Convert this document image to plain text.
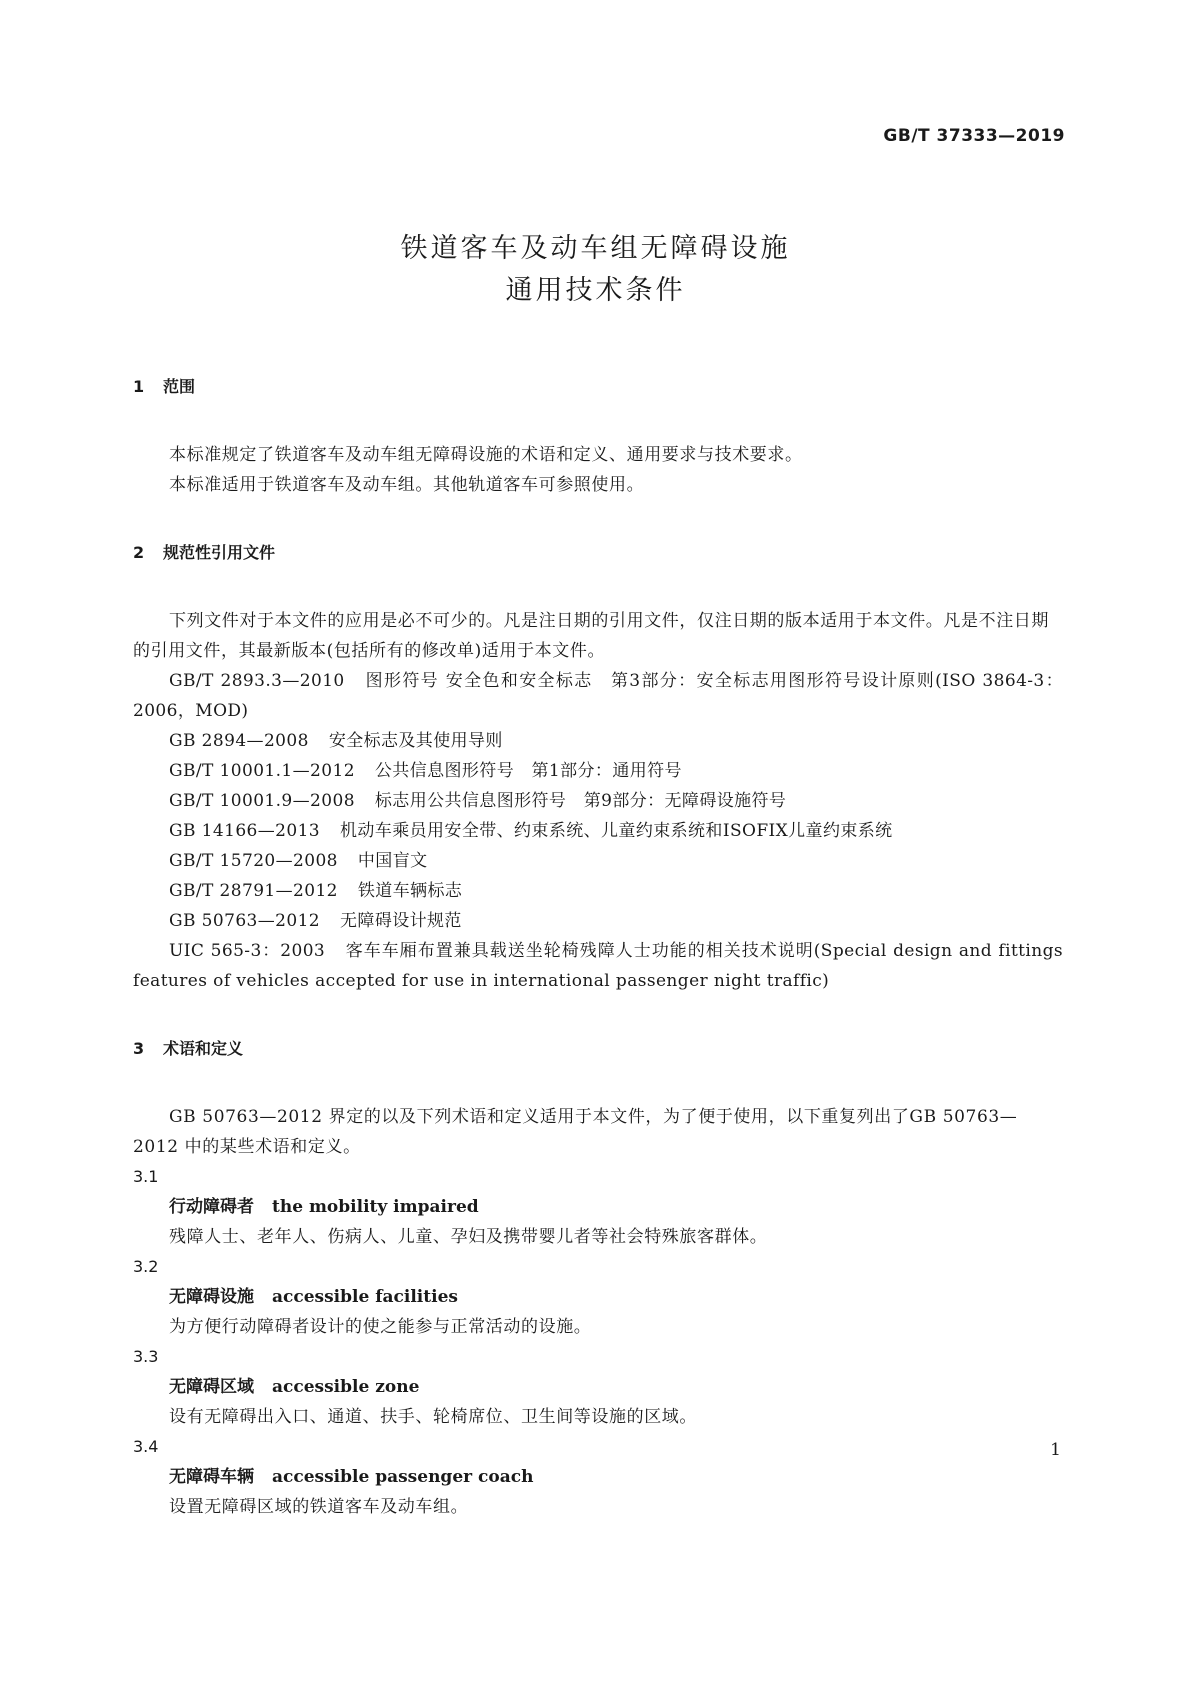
GB/T 37333—2019
铁道客车及动车组无障碍设施
通用技术条件
1 范围
本标准规定了铁道客车及动车组无障碍设施的术语和定义、通用要求与技术要求。
本标准适用于铁道客车及动车组。其他轨道客车可参照使用。
2 规范性引用文件
下列文件对于本文件的应用是必不可少的。凡是注日期的引用文件，仅注日期的版本适用于本文件。凡是不注日期的引用文件，其最新版本(包括所有的修改单)适用于本文件。
GB/T 2893.3—2010 图形符号 安全色和安全标志　第3部分：安全标志用图形符号设计原则(ISO 3864-3：2006，MOD)
GB 2894—2008 安全标志及其使用导则
GB/T 10001.1—2012 公共信息图形符号　第1部分：通用符号
GB/T 10001.9—2008 标志用公共信息图形符号　第9部分：无障碍设施符号
GB 14166—2013 机动车乘员用安全带、约束系统、儿童约束系统和ISOFIX儿童约束系统
GB/T 15720—2008 中国盲文
GB/T 28791—2012 铁道车辆标志
GB 50763—2012 无障碍设计规范
UIC 565-3：2003 客车车厢布置兼具载送坐轮椅残障人士功能的相关技术说明(Special design and fittings features of vehicles accepted for use in international passenger night traffic)
3 术语和定义
GB 50763—2012 界定的以及下列术语和定义适用于本文件，为了便于使用，以下重复列出了GB 50763—2012 中的某些术语和定义。
3.1
行动障碍者 the mobility impaired
残障人士、老年人、伤病人、儿童、孕妇及携带婴儿者等社会特殊旅客群体。
3.2
无障碍设施 accessible facilities
为方便行动障碍者设计的使之能参与正常活动的设施。
3.3
无障碍区域 accessible zone
设有无障碍出入口、通道、扶手、轮椅席位、卫生间等设施的区域。
3.4
无障碍车辆 accessible passenger coach
设置无障碍区域的铁道客车及动车组。
1
